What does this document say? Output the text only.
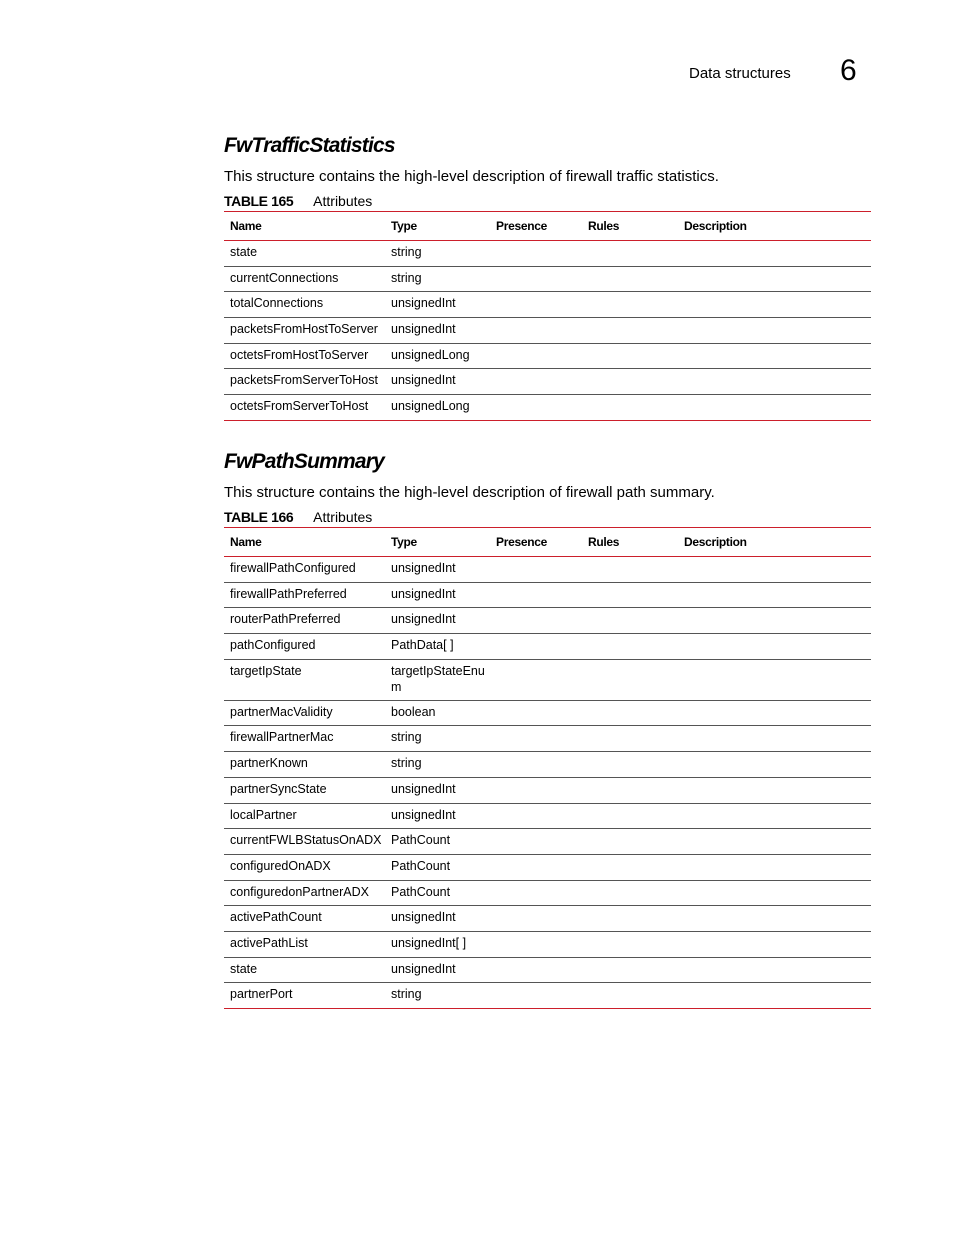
Data structures 6
FwTrafficStatistics
This structure contains the high-level description of firewall traffic statistics.
TABLE 165 Attributes
Name	Type	Presence	Rules	Description
state	string			
currentConnections	string			
totalConnections	unsignedInt			
packetsFromHostToServer	unsignedInt			
octetsFromHostToServer	unsignedLong			
packetsFromServerToHost	unsignedInt			
octetsFromServerToHost	unsignedLong			
FwPathSummary
This structure contains the high-level description of firewall path summary.
TABLE 166 Attributes
Name	Type	Presence	Rules	Description
firewallPathConfigured	unsignedInt			
firewallPathPreferred	unsignedInt			
routerPathPreferred	unsignedInt			
pathConfigured	PathData[ ]			
targetIpState	targetIpStateEnum			
partnerMacValidity	boolean			
firewallPartnerMac	string			
partnerKnown	string			
partnerSyncState	unsignedInt			
localPartner	unsignedInt			
currentFWLBStatusOnADX	PathCount			
configuredOnADX	PathCount			
configuredonPartnerADX	PathCount			
activePathCount	unsignedInt			
activePathList	unsignedInt[ ]			
state	unsignedInt			
partnerPort	string			
